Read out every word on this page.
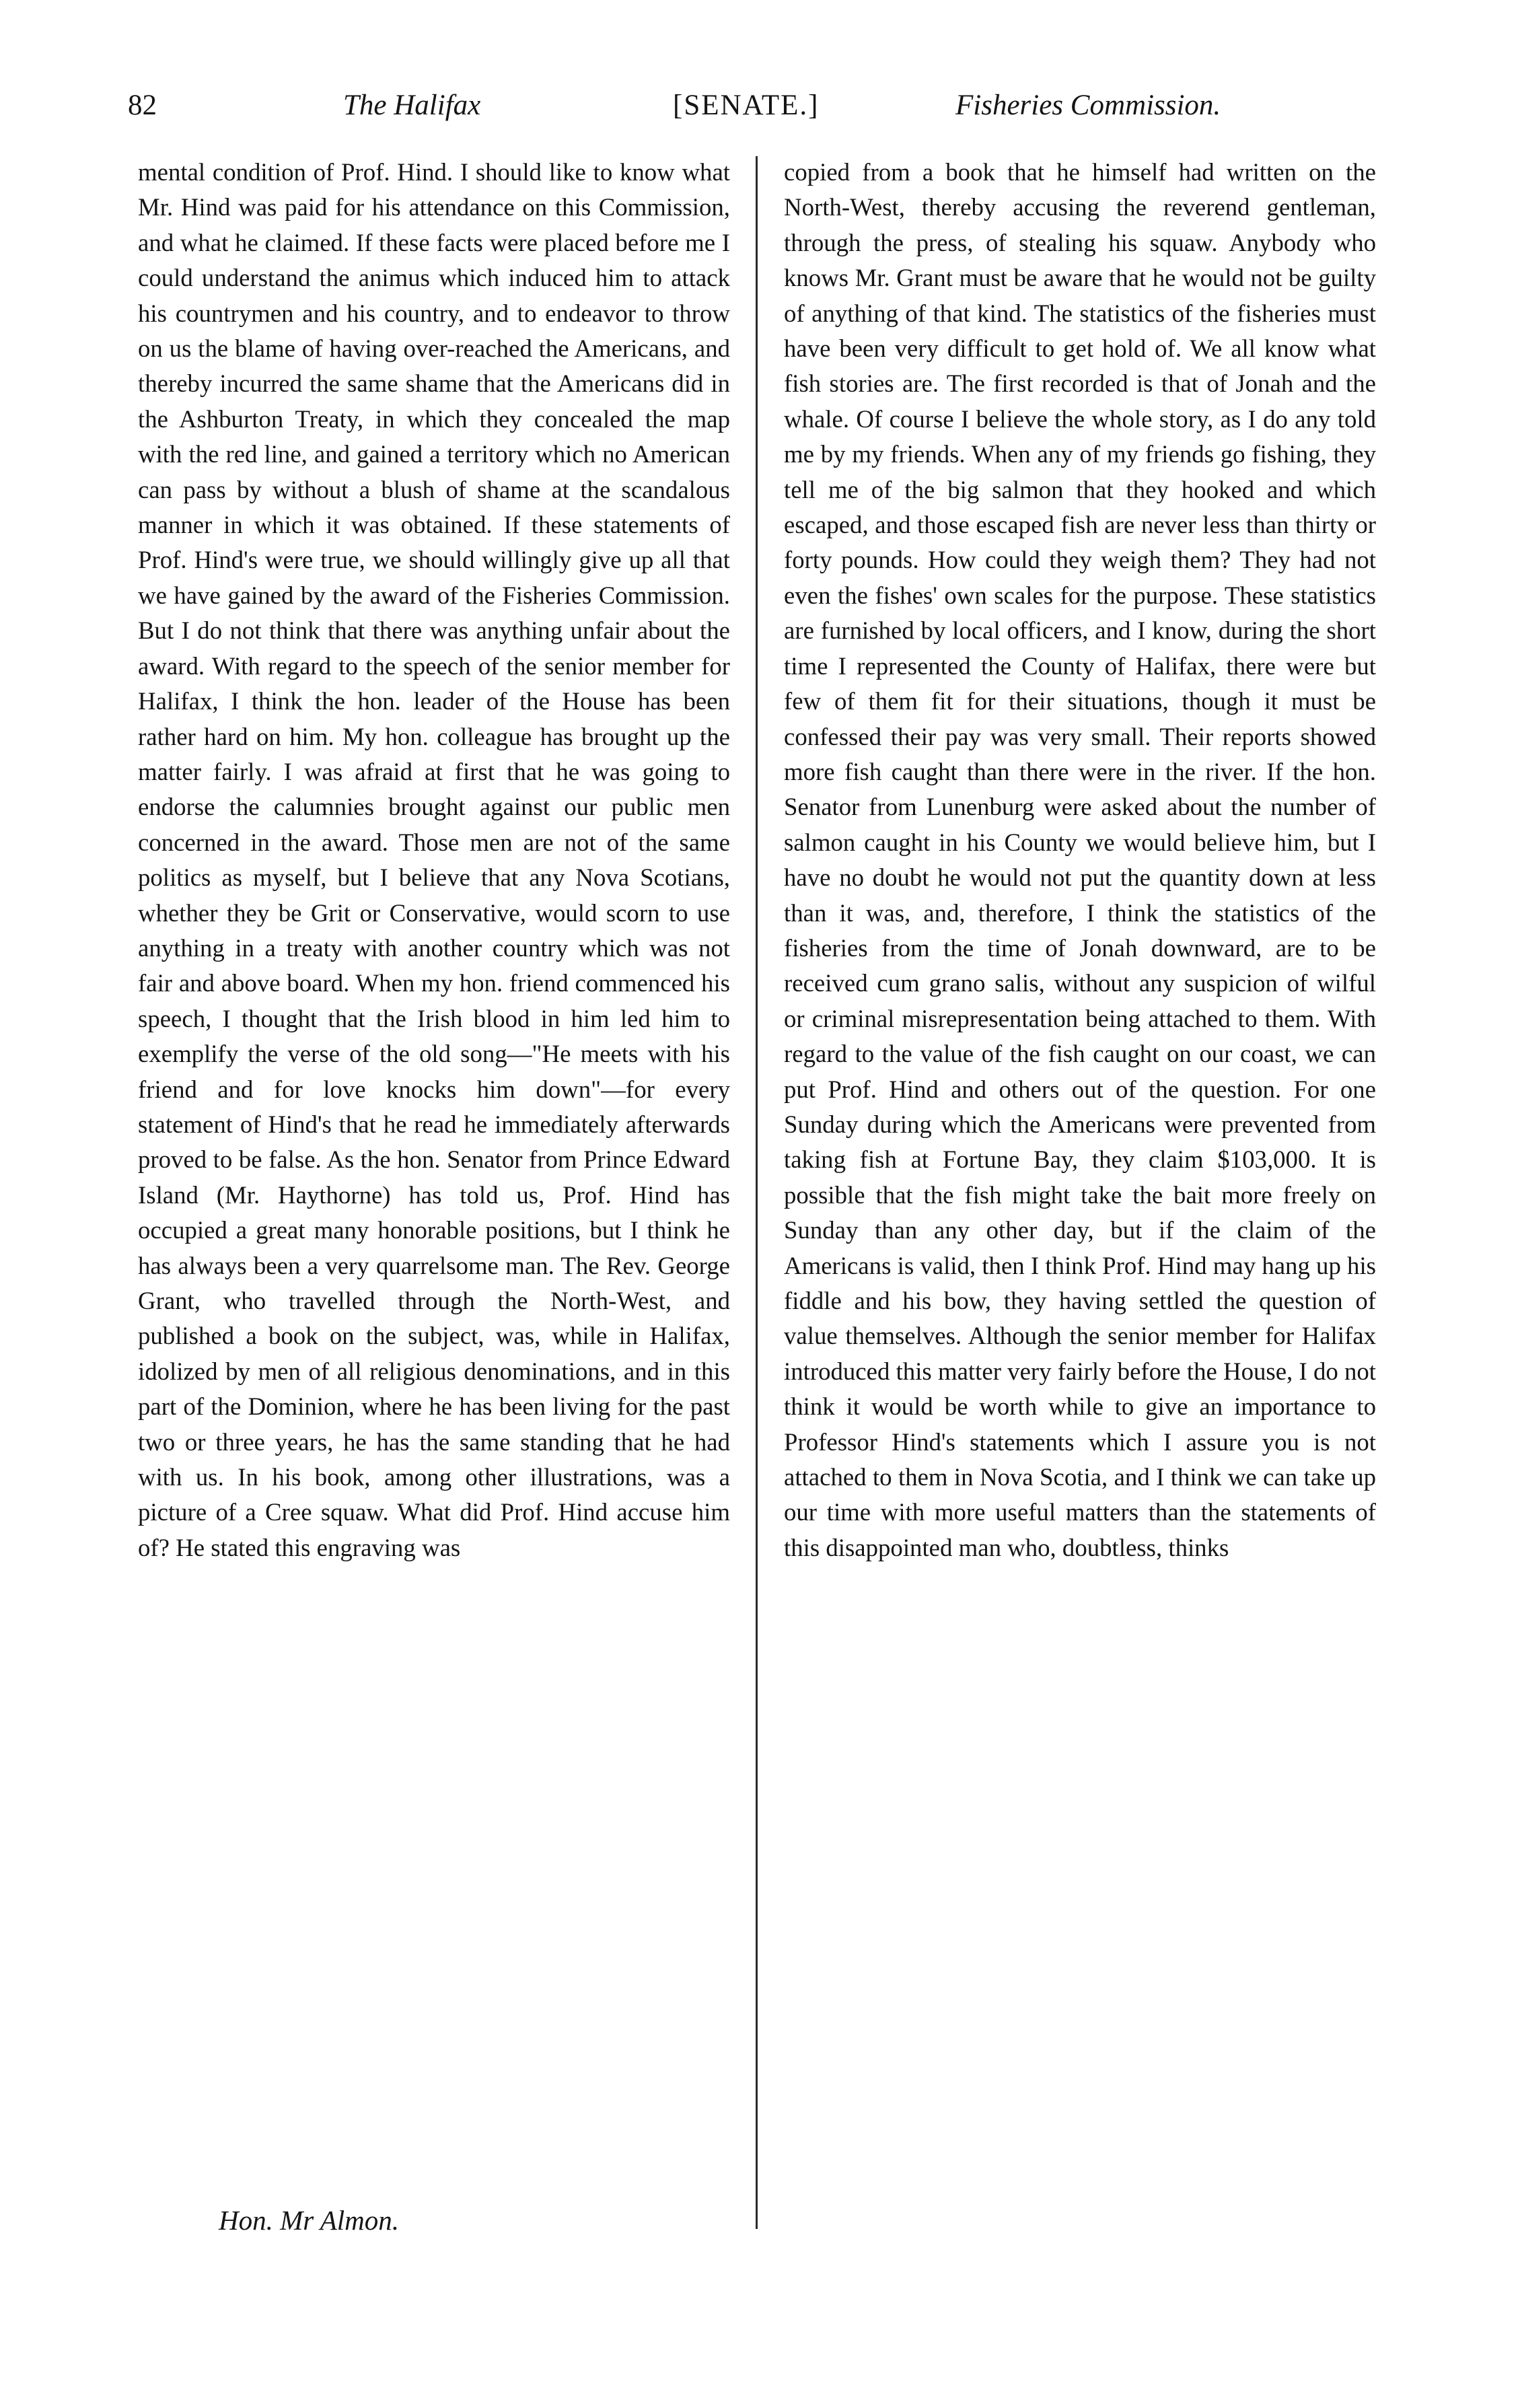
82	The Halifax	[SENATE.]	Fisheries Commission.

mental condition of Prof. Hind. I should like to know what Mr. Hind was paid for his attendance on this Commission, and what he claimed. If these facts were placed before me I could understand the animus which induced him to attack his countrymen and his country, and to endeavor to throw on us the blame of having over-reached the Americans, and thereby incurred the same shame that the Americans did in the Ashburton Treaty, in which they concealed the map with the red line, and gained a territory which no American can pass by without a blush of shame at the scandalous manner in which it was obtained. If these statements of Prof. Hind's were true, we should willingly give up all that we have gained by the award of the Fisheries Commission. But I do not think that there was anything unfair about the award. With regard to the speech of the senior member for Halifax, I think the hon. leader of the House has been rather hard on him. My hon. colleague has brought up the matter fairly. I was afraid at first that he was going to endorse the calumnies brought against our public men concerned in the award. Those men are not of the same politics as myself, but I believe that any Nova Scotians, whether they be Grit or Conservative, would scorn to use anything in a treaty with another country which was not fair and above board. When my hon. friend commenced his speech, I thought that the Irish blood in him led him to exemplify the verse of the old song—"He meets with his friend and for love knocks him down"—for every statement of Hind's that he read he immediately afterwards proved to be false. As the hon. Senator from Prince Edward Island (Mr. Haythorne) has told us, Prof. Hind has occupied a great many honorable positions, but I think he has always been a very quarrelsome man. The Rev. George Grant, who travelled through the North-West, and published a book on the subject, was, while in Halifax, idolized by men of all religious denominations, and in this part of the Dominion, where he has been living for the past two or three years, he has the same standing that he had with us. In his book, among other illustrations, was a picture of a Cree squaw. What did Prof. Hind accuse him of? He stated this engraving was

copied from a book that he himself had written on the North-West, thereby accusing the reverend gentleman, through the press, of stealing his squaw. Anybody who knows Mr. Grant must be aware that he would not be guilty of anything of that kind. The statistics of the fisheries must have been very difficult to get hold of. We all know what fish stories are. The first recorded is that of Jonah and the whale. Of course I believe the whole story, as I do any told me by my friends. When any of my friends go fishing, they tell me of the big salmon that they hooked and which escaped, and those escaped fish are never less than thirty or forty pounds. How could they weigh them? They had not even the fishes' own scales for the purpose. These statistics are furnished by local officers, and I know, during the short time I represented the County of Halifax, there were but few of them fit for their situations, though it must be confessed their pay was very small. Their reports showed more fish caught than there were in the river. If the hon. Senator from Lunenburg were asked about the number of salmon caught in his County we would believe him, but I have no doubt he would not put the quantity down at less than it was, and, therefore, I think the statistics of the fisheries from the time of Jonah downward, are to be received cum grano salis, without any suspicion of wilful or criminal misrepresentation being attached to them. With regard to the value of the fish caught on our coast, we can put Prof. Hind and others out of the question. For one Sunday during which the Americans were prevented from taking fish at Fortune Bay, they claim $103,000. It is possible that the fish might take the bait more freely on Sunday than any other day, but if the claim of the Americans is valid, then I think Prof. Hind may hang up his fiddle and his bow, they having settled the question of value themselves. Although the senior member for Halifax introduced this matter very fairly before the House, I do not think it would be worth while to give an importance to Professor Hind's statements which I assure you is not attached to them in Nova Scotia, and I think we can take up our time with more useful matters than the statements of this disappointed man who, doubtless, thinks

Hon. Mr Almon.
